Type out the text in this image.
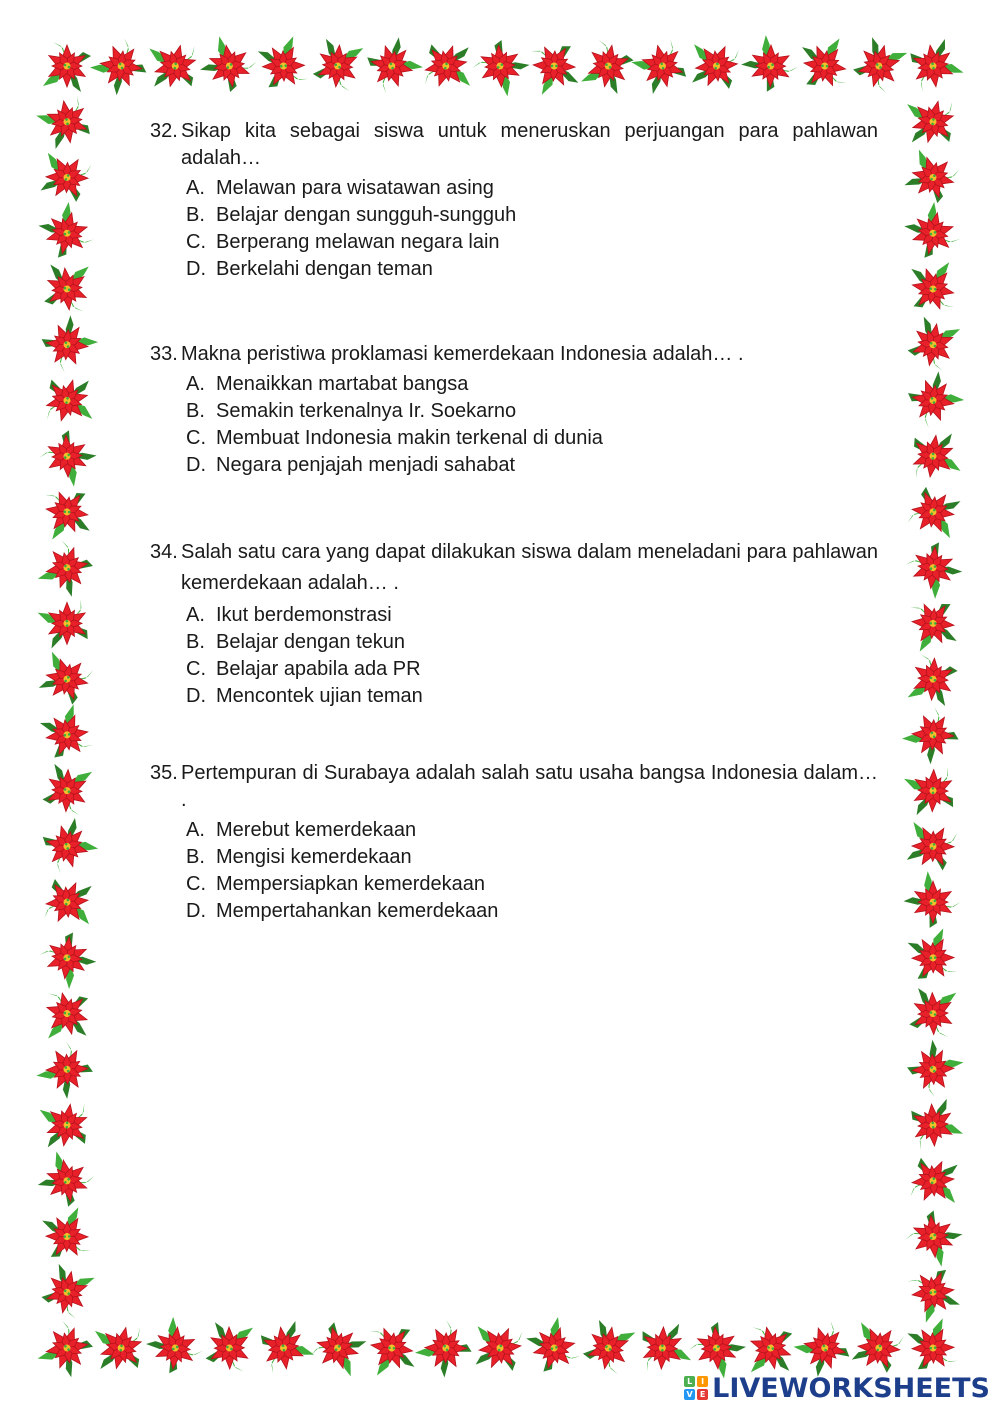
32. Sikap kita sebagai siswa untuk meneruskan perjuangan para pahlawan adalah…
A. Melawan para wisatawan asing
B. Belajar dengan sungguh-sungguh
C. Berperang melawan negara lain
D. Berkelahi dengan teman
33. Makna peristiwa proklamasi kemerdekaan Indonesia adalah… .
A. Menaikkan martabat bangsa
B. Semakin terkenalnya Ir. Soekarno
C. Membuat Indonesia makin terkenal di dunia
D. Negara penjajah menjadi sahabat
34. Salah satu cara yang dapat dilakukan siswa dalam meneladani para pahlawan kemerdekaan adalah… .
A. Ikut berdemonstrasi
B. Belajar dengan tekun
C. Belajar apabila ada PR
D. Mencontek ujian teman
35. Pertempuran di Surabaya adalah salah satu usaha bangsa Indonesia dalam… .
A. Merebut kemerdekaan
B. Mengisi kemerdekaan
C. Mempersiapkan kemerdekaan
D. Mempertahankan kemerdekaan
L	I
V E LIVEWORKSHEETS
